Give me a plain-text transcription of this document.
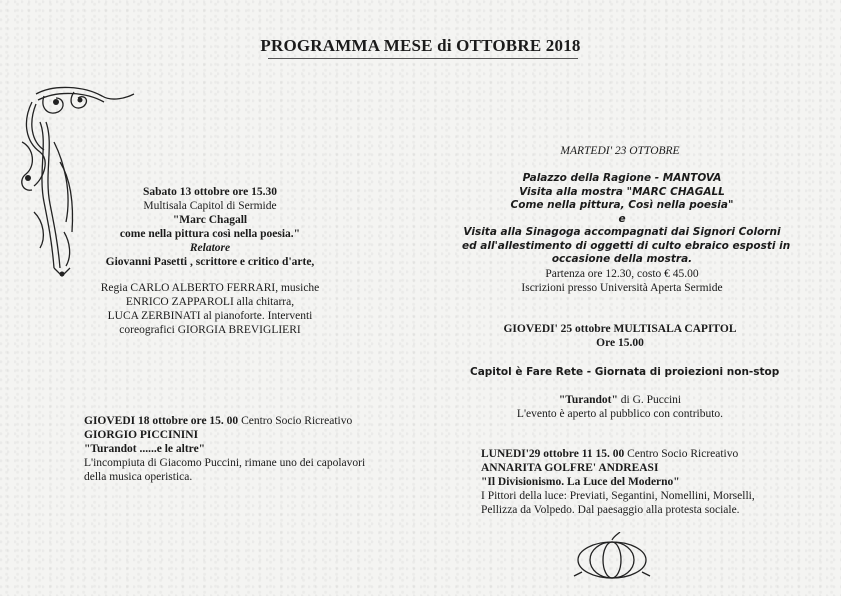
PROGRAMMA MESE di OTTOBRE 2018
Sabato 13 ottobre ore 15.30
Multisala Capitol di Sermide
"Marc Chagall
come nella pittura così nella poesia."
Relatore
Giovanni Pasetti , scrittore e critico d'arte,
Regia CARLO ALBERTO FERRARI, musiche
ENRICO ZAPPAROLI alla chitarra,
LUCA ZERBINATI al pianoforte. Interventi
coreografici GIORGIA BREVIGLIERI
GIOVEDI 18 ottobre ore 15. 00 Centro Socio Ricreativo
GIORGIO PICCININI
"Turandot ......e le altre"
L'incompiuta di Giacomo Puccini, rimane uno dei capolavori
della musica operistica.
MARTEDI' 23 OTTOBRE
Palazzo della Ragione - MANTOVA
Visita alla mostra "MARC CHAGALL
Come nella pittura, Così nella poesia"
e
Visita alla Sinagoga accompagnati dai Signori Colorni
ed all'allestimento di oggetti di culto ebraico esposti in
occasione della mostra.
Partenza ore 12.30, costo € 45.00
Iscrizioni presso Università Aperta Sermide
GIOVEDI' 25 ottobre MULTISALA CAPITOL
Ore 15.00
Capitol è Fare Rete - Giornata di proiezioni non-stop
"Turandot" di G. Puccini
L'evento è aperto al pubblico con contributo.
LUNEDI'29 ottobre 11 15. 00 Centro Socio Ricreativo
ANNARITA GOLFRE' ANDREASI
"Il Divisionismo. La Luce del Moderno"
I Pittori della luce: Previati, Segantini, Nomellini, Morselli,
Pellizza da Volpedo. Dal paesaggio alla protesta sociale.
